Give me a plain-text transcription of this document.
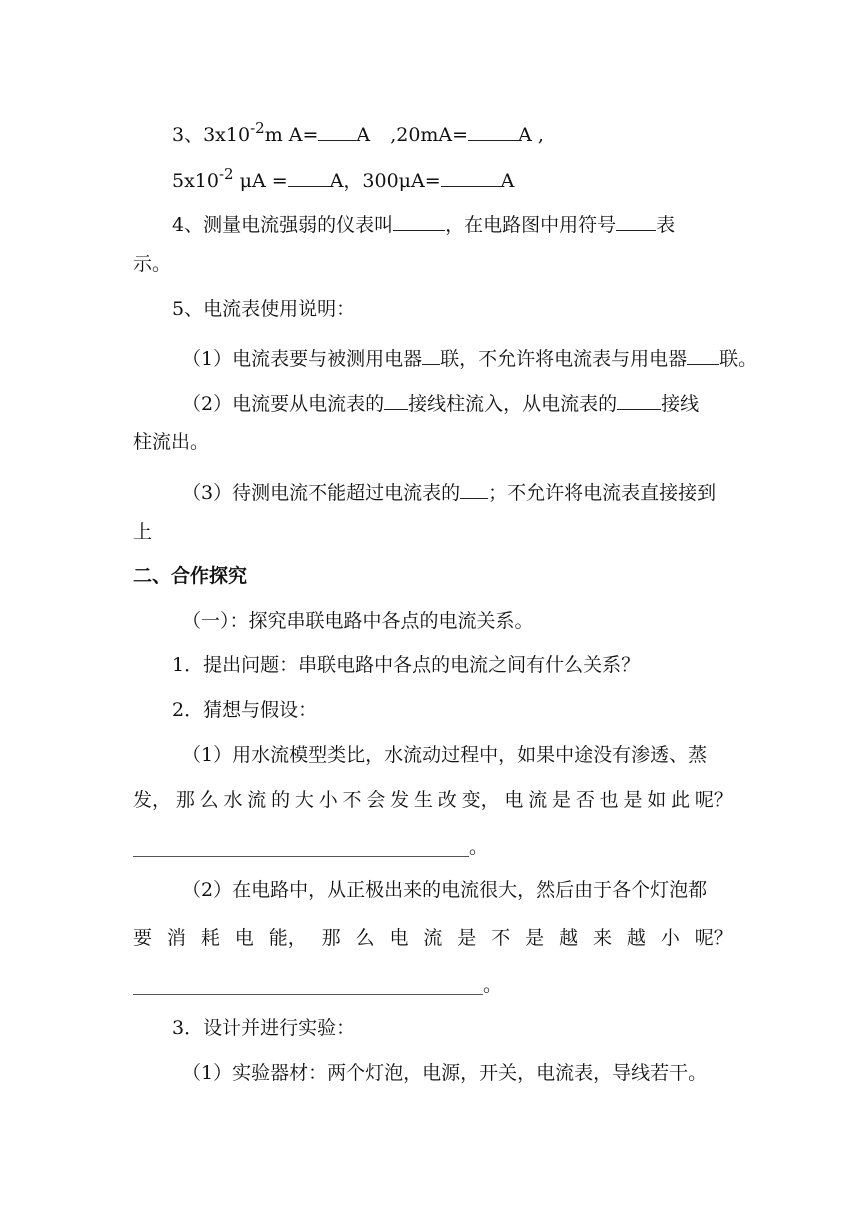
3、$3x10^{-2}m$ A= A ,20mA=	A ,
$5x10^{-2}$ μA = A，300μA=	A
4、测量电流强弱的仪表叫	，在电路图中用符号 表
示。
5、电流表使用说明：
（1）电流表要与被测用电器 联，不允许将电流表与用电器 联。
（2）电流要从电流表的 接线柱流入，从电流表的 接线
柱流出。
（3）待测电流不能超过电流表的 ；不允许将电流表直接接到
上
二、合作探究
（一）：探究串联电路中各点的电流关系。
1．提出问题：串联电路中各点的电流之间有什么关系？
2．猜想与假设：
（1）用水流模型类比，水流动过程中，如果中途没有渗透、蒸
发， 那 么 水 流 的 大 小 不 会 发 生 改 变， 电 流 是 否 也 是 如 此 呢？
。
（2）在电路中，从正极出来的电流很大，然后由于各个灯泡都
要 消 耗 电 能， 那 么 电 流 是 不 是 越 来 越 小 呢？
。
3．设计并进行实验：
（1）实验器材：两个灯泡，电源，开关，电流表，导线若干。
